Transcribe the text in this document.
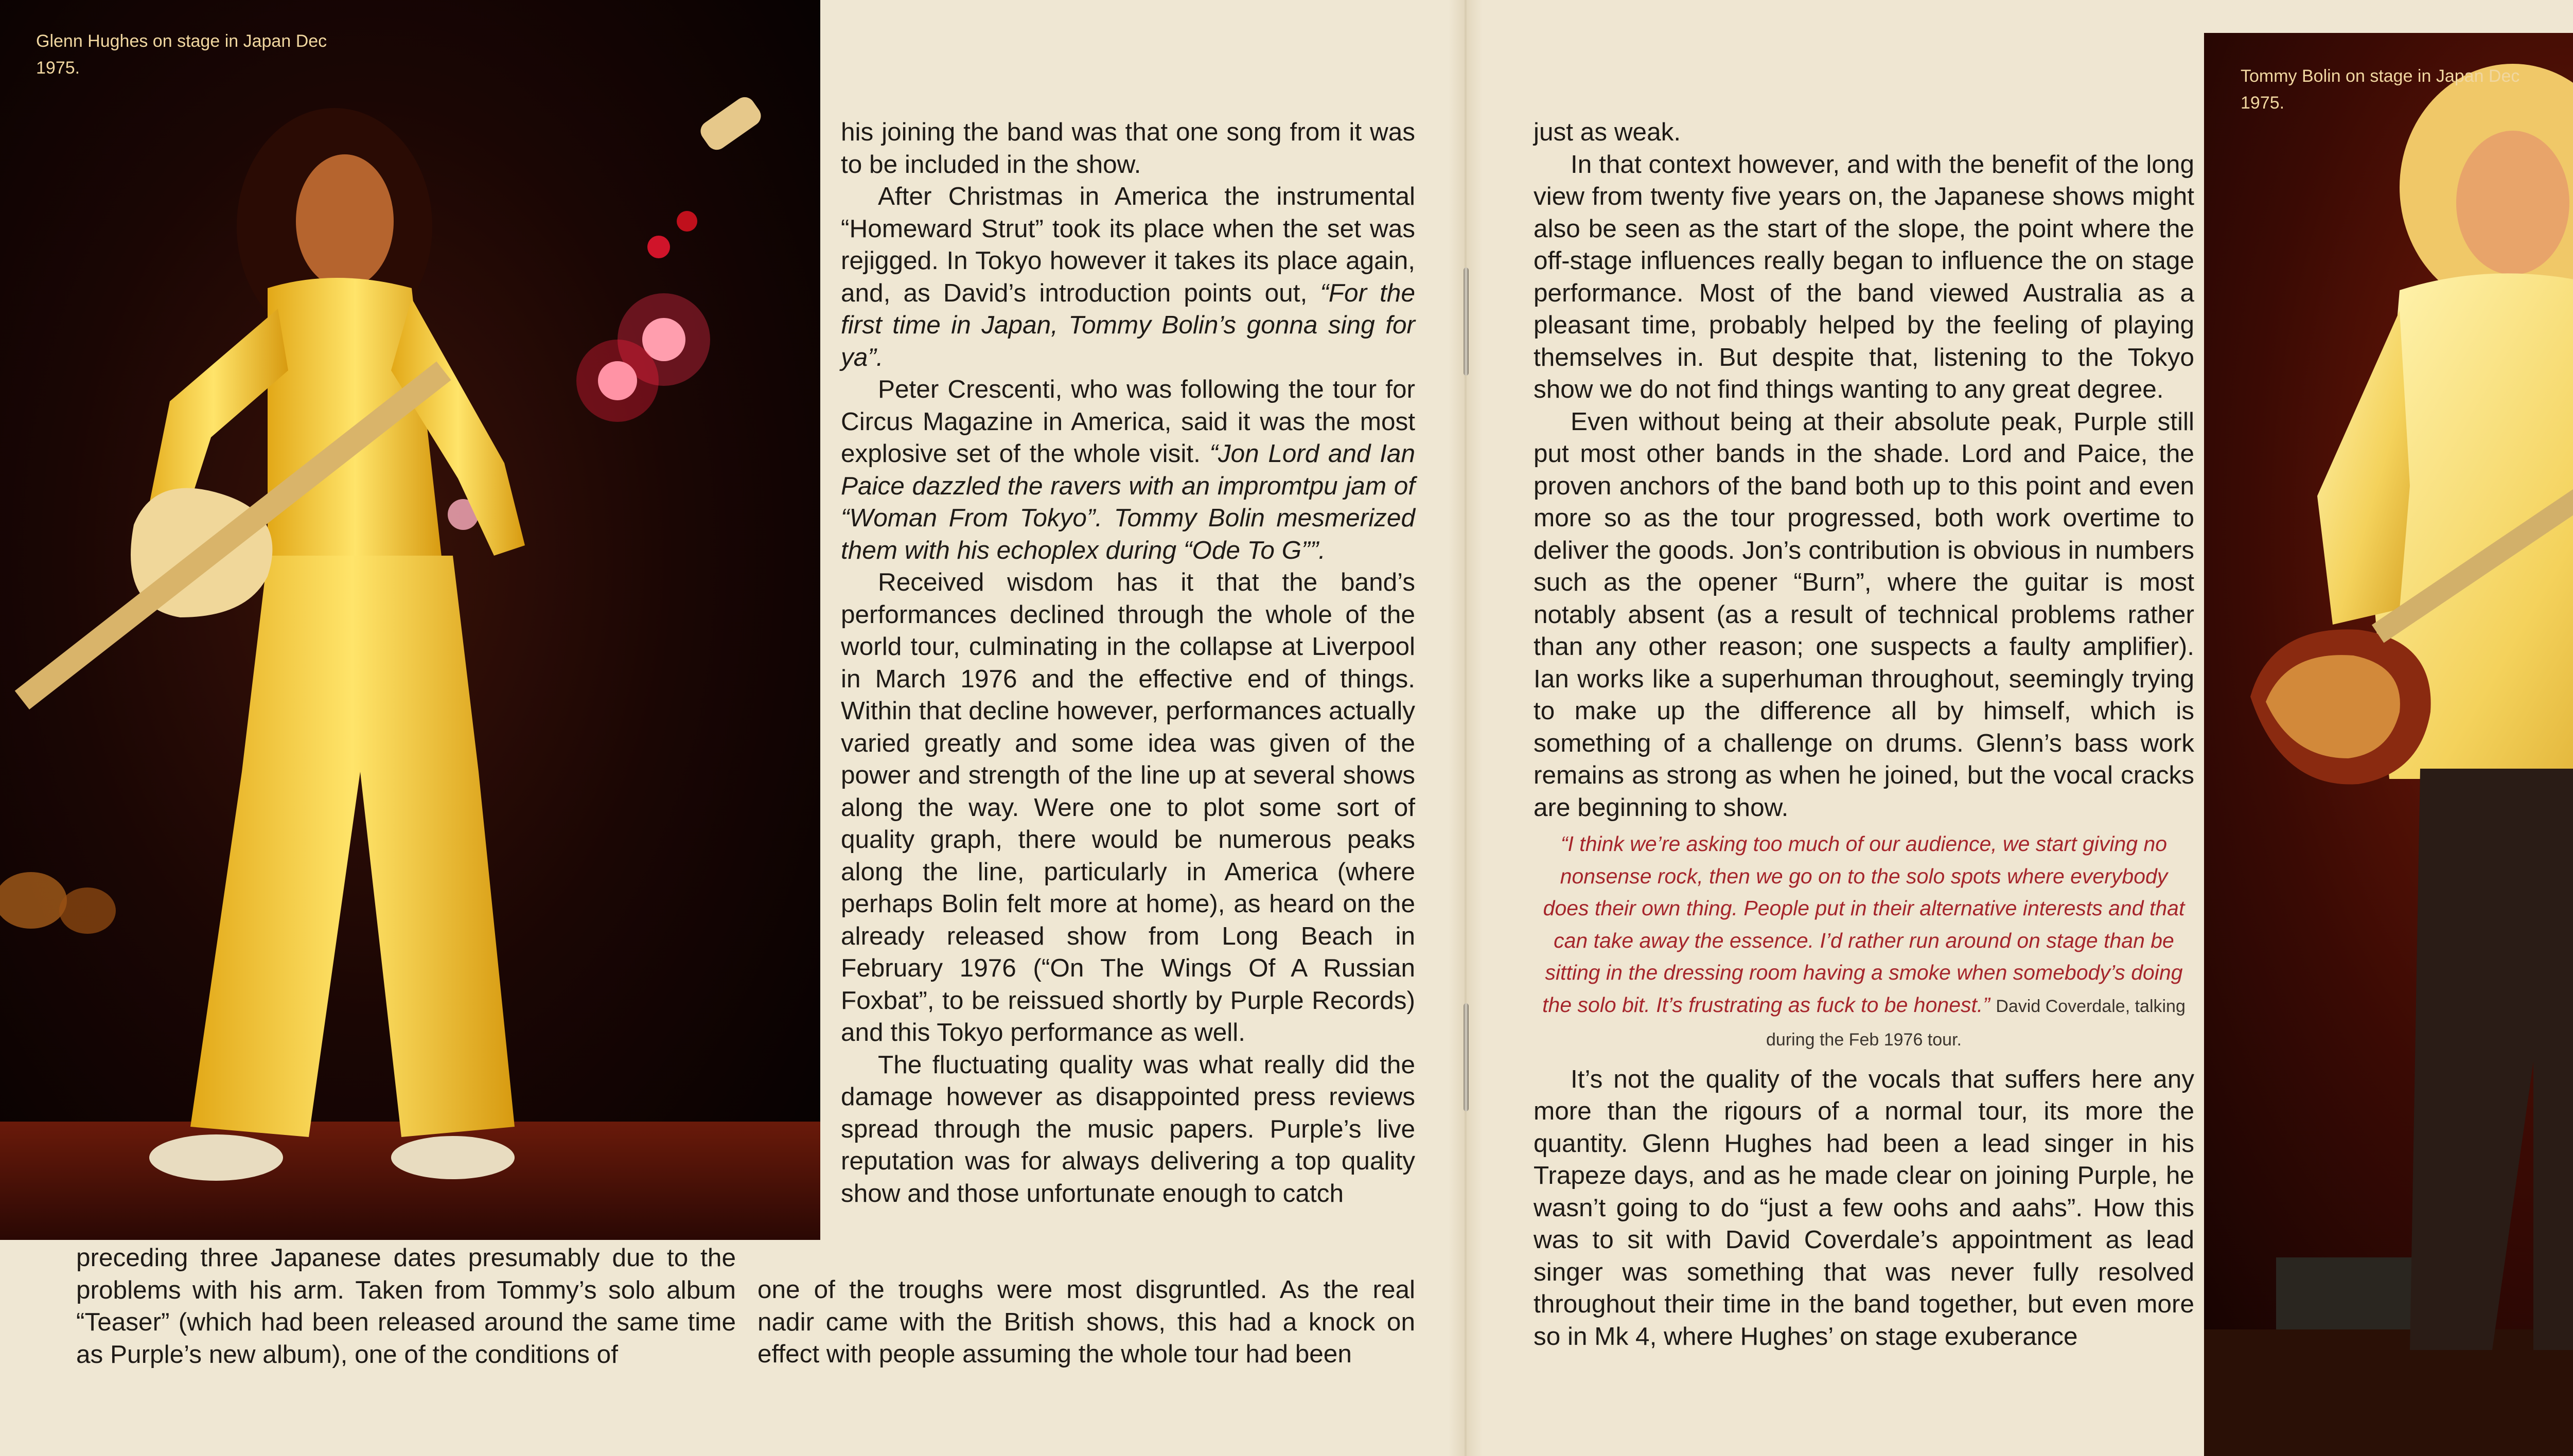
Glenn Hughes on stage in Japan Dec 1975.	Tommy Bolin on stage in Japan Dec 1975.

preceding three Japanese dates presumably due to the problems with his arm. Taken from Tommy’s solo album “Teaser” (which had been released around the same time as Purple’s new album), one of the conditions of

his joining the band was that one song from it was to be included in the show.

After Christmas in America the instrumental “Homeward Strut” took its place when the set was rejigged. In Tokyo however it takes its place again, and, as David’s introduction points out, “For the first time in Japan, Tommy Bolin’s gonna sing for ya”.

Peter Crescenti, who was following the tour for Circus Magazine in America, said it was the most explosive set of the whole visit. “Jon Lord and Ian Paice dazzled the ravers with an impromtpu jam of “Woman From Tokyo”. Tommy Bolin mesmerized them with his echoplex during “Ode To G””.

Received wisdom has it that the band’s performances declined through the whole of the world tour, culminating in the collapse at Liverpool in March 1976 and the effective end of things. Within that decline however, performances actually varied greatly and some idea was given of the power and strength of the line up at several shows along the way. Were one to plot some sort of quality graph, there would be numerous peaks along the line, particularly in America (where perhaps Bolin felt more at home), as heard on the already released show from Long Beach in February 1976 (“On The Wings Of A Russian Foxbat”, to be reissued shortly by Purple Records) and this Tokyo performance as well.

The fluctuating quality was what really did the damage however as disappointed press reviews spread through the music papers. Purple’s live reputation was for always delivering a top quality show and those unfortunate enough to catch

one of the troughs were most disgruntled. As the real nadir came with the British shows, this had a knock on effect with people assuming the whole tour had been

just as weak.

In that context however, and with the benefit of the long view from twenty five years on, the Japanese shows might also be seen as the start of the slope, the point where the off-stage influences really began to influence the on stage performance. Most of the band viewed Australia as a pleasant time, probably helped by the feeling of playing themselves in. But despite that, listening to the Tokyo show we do not find things wanting to any great degree.

Even without being at their absolute peak, Purple still put most other bands in the shade. Lord and Paice, the proven anchors of the band both up to this point and even more so as the tour progressed, both work overtime to deliver the goods. Jon’s contribution is obvious in numbers such as the opener “Burn”, where the guitar is most notably absent (as a result of technical problems rather than any other reason; one suspects a faulty amplifier). Ian works like a superhuman throughout, seemingly trying to make up the difference all by himself, which is something of a challenge on drums. Glenn’s bass work remains as strong as when he joined, but the vocal cracks are beginning to show.

“I think we’re asking too much of our audience, we start giving no nonsense rock, then we go on to the solo spots where everybody does their own thing. People put in their alternative interests and that can take away the essence. I’d rather run around on stage than be sitting in the dressing room having a smoke when somebody’s doing the solo bit. It’s frustrating as fuck to be honest.” David Coverdale, talking during the Feb 1976 tour.

It’s not the quality of the vocals that suffers here any more than the rigours of a normal tour, its more the quantity. Glenn Hughes had been a lead singer in his Trapeze days, and as he made clear on joining Purple, he wasn’t going to do “just a few oohs and aahs”. How this was to sit with David Coverdale’s appointment as lead singer was something that was never fully resolved throughout their time in the band together, but even more so in Mk 4, where Hughes’ on stage exuberance
